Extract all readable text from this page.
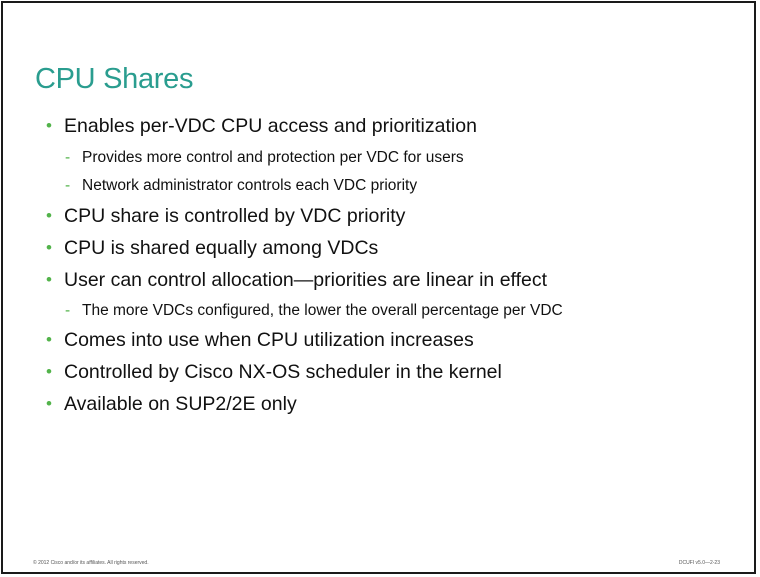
CPU Shares
• Enables per-VDC CPU access and prioritization
- Provides more control and protection per VDC for users
- Network administrator controls each VDC priority
• CPU share is controlled by VDC priority
• CPU is shared equally among VDCs
• User can control allocation—priorities are linear in effect
- The more VDCs configured, the lower the overall percentage per VDC
• Comes into use when CPU utilization increases
• Controlled by Cisco NX-OS scheduler in the kernel
• Available on SUP2/2E only
© 2012 Cisco and/or its affiliates. All rights reserved.	DCUFI v5.0—2-23
